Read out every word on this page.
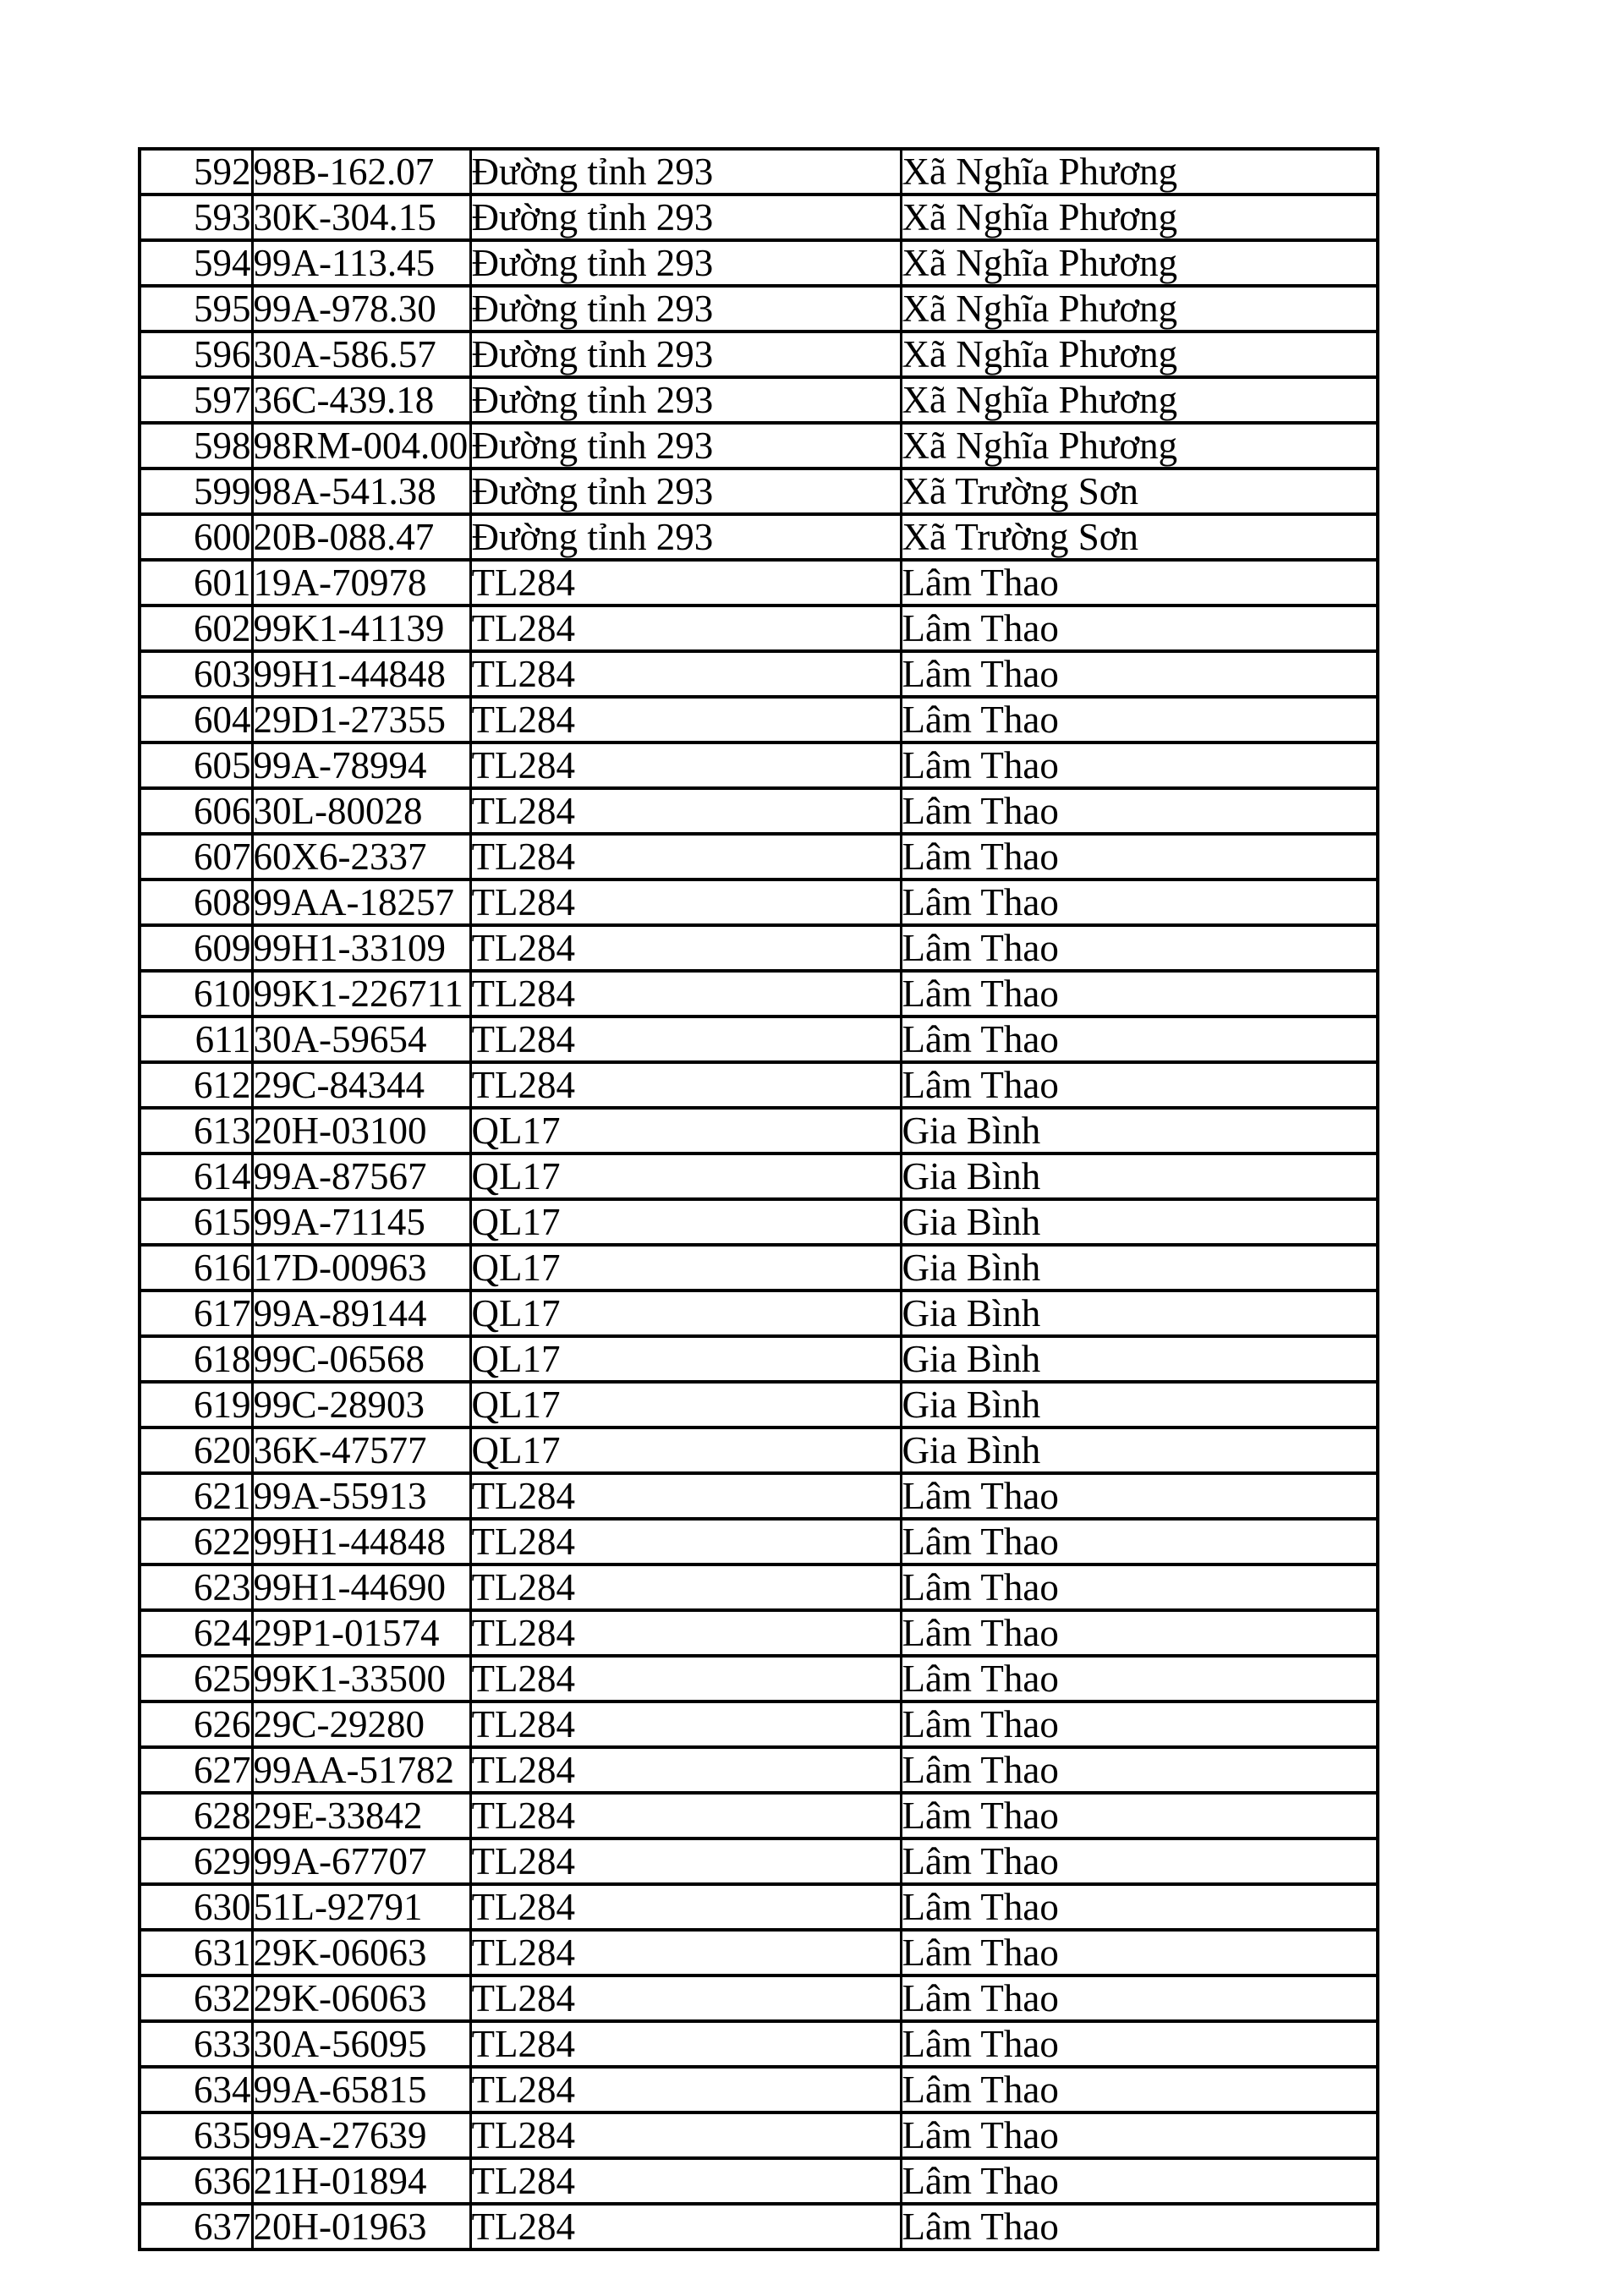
592	98B-162.07	Đường tỉnh 293	Xã Nghĩa Phương
593	30K-304.15	Đường tỉnh 293	Xã Nghĩa Phương
594	99A-113.45	Đường tỉnh 293	Xã Nghĩa Phương
595	99A-978.30	Đường tỉnh 293	Xã Nghĩa Phương
596	30A-586.57	Đường tỉnh 293	Xã Nghĩa Phương
597	36C-439.18	Đường tỉnh 293	Xã Nghĩa Phương
598	98RM-004.00	Đường tỉnh 293	Xã Nghĩa Phương
599	98A-541.38	Đường tỉnh 293	Xã Trường Sơn
600	20B-088.47	Đường tỉnh 293	Xã Trường Sơn
601	19A-70978	TL284	Lâm Thao
602	99K1-41139	TL284	Lâm Thao
603	99H1-44848	TL284	Lâm Thao
604	29D1-27355	TL284	Lâm Thao
605	99A-78994	TL284	Lâm Thao
606	30L-80028	TL284	Lâm Thao
607	60X6-2337	TL284	Lâm Thao
608	99AA-18257	TL284	Lâm Thao
609	99H1-33109	TL284	Lâm Thao
610	99K1-226711	TL284	Lâm Thao
611	30A-59654	TL284	Lâm Thao
612	29C-84344	TL284	Lâm Thao
613	20H-03100	QL17	Gia Bình
614	99A-87567	QL17	Gia Bình
615	99A-71145	QL17	Gia Bình
616	17D-00963	QL17	Gia Bình
617	99A-89144	QL17	Gia Bình
618	99C-06568	QL17	Gia Bình
619	99C-28903	QL17	Gia Bình
620	36K-47577	QL17	Gia Bình
621	99A-55913	TL284	Lâm Thao
622	99H1-44848	TL284	Lâm Thao
623	99H1-44690	TL284	Lâm Thao
624	29P1-01574	TL284	Lâm Thao
625	99K1-33500	TL284	Lâm Thao
626	29C-29280	TL284	Lâm Thao
627	99AA-51782	TL284	Lâm Thao
628	29E-33842	TL284	Lâm Thao
629	99A-67707	TL284	Lâm Thao
630	51L-92791	TL284	Lâm Thao
631	29K-06063	TL284	Lâm Thao
632	29K-06063	TL284	Lâm Thao
633	30A-56095	TL284	Lâm Thao
634	99A-65815	TL284	Lâm Thao
635	99A-27639	TL284	Lâm Thao
636	21H-01894	TL284	Lâm Thao
637	20H-01963	TL284	Lâm Thao
